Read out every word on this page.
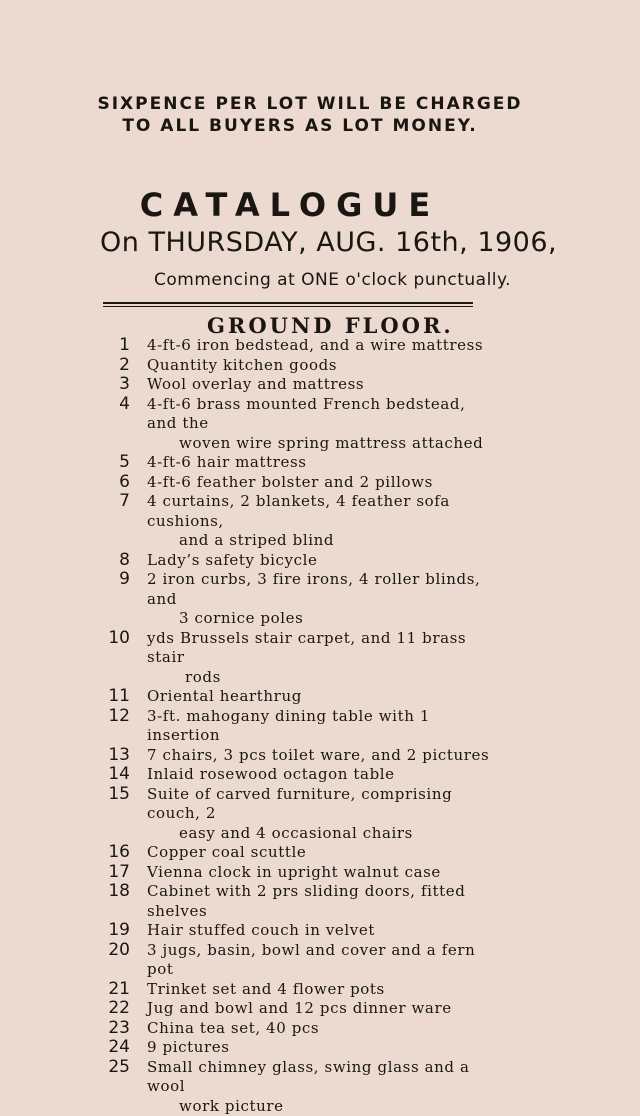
SIXPENCE PER LOT WILL BE CHARGED
TO ALL BUYERS AS LOT MONEY.
CATALOGUE
On THURSDAY, AUG. 16th, 1906,
Commencing at ONE o'clock punctually.
GROUND FLOOR.
1 4-ft-6 iron bedstead, and a wire mattress
2 Quantity kitchen goods
3 Wool overlay and mattress
4 4-ft-6 brass mounted French bedstead, and the
woven wire spring mattress attached
5 4-ft-6 hair mattress
6 4-ft-6 feather bolster and 2 pillows
7 4 curtains, 2 blankets, 4 feather sofa cushions,
and a striped blind
8 Lady’s safety bicycle
9 2 iron curbs, 3 fire irons, 4 roller blinds, and
3 cornice poles
10 yds Brussels stair carpet, and 11 brass stair
rods
11 Oriental hearthrug
12 3-ft. mahogany dining table with 1 insertion
13 7 chairs, 3 pcs toilet ware, and 2 pictures
14 Inlaid rosewood octagon table
15 Suite of carved furniture, comprising couch, 2
easy and 4 occasional chairs
16 Copper coal scuttle
17 Vienna clock in upright walnut case
18 Cabinet with 2 prs sliding doors, fitted shelves
19 Hair stuffed couch in velvet
20 3 jugs, basin, bowl and cover and a fern pot
21 Trinket set and 4 flower pots
22 Jug and bowl and 12 pcs dinner ware
23 China tea set, 40 pcs
24 9 pictures
25 Small chimney glass, swing glass and a wool
work picture
